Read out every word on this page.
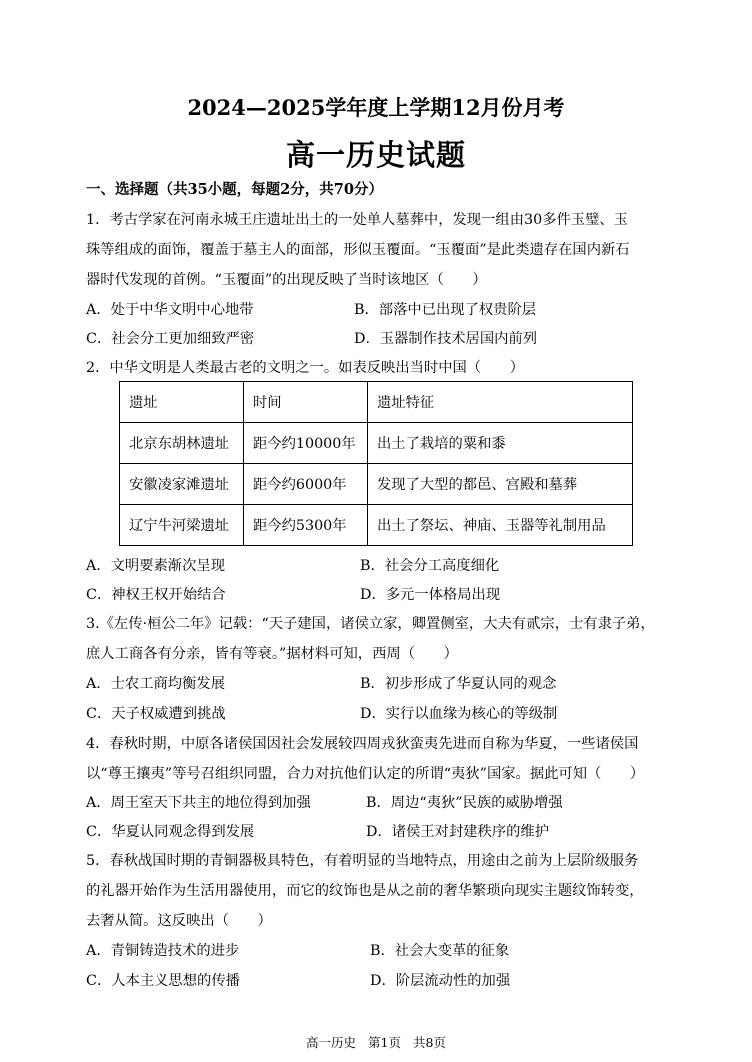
2024—2025学年度上学期12月份月考
高一历史试题
一、选择题（共35小题，每题2分，共70分）
1．考古学家在河南永城王庄遗址出土的一处单人墓葬中，发现一组由30多件玉璧、玉
珠等组成的面饰，覆盖于墓主人的面部，形似玉覆面。“玉覆面”是此类遗存在国内新石
器时代发现的首例。“玉覆面”的出现反映了当时该地区（　　）
A．处于中华文明中心地带	B．部落中已出现了权贵阶层
C．社会分工更加细致严密	D．玉器制作技术居国内前列
2．中华文明是人类最古老的文明之一。如表反映出当时中国（　　）
遗址	时间	遗址特征
北京东胡林遗址	距今约10000年	出土了栽培的粟和黍
安徽凌家滩遗址	距今约6000年	发现了大型的都邑、宫殿和墓葬
辽宁牛河梁遗址	距今约5300年	出土了祭坛、神庙、玉器等礼制用品
A．文明要素渐次呈现	B．社会分工高度细化
C．神权王权开始结合	D．多元一体格局出现
3.《左传·桓公二年》记载：“天子建国，诸侯立家，卿置侧室，大夫有贰宗，士有隶子弟，
庶人工商各有分亲，皆有等衰。”据材料可知，西周（　　）
A．士农工商均衡发展	B．初步形成了华夏认同的观念
C．天子权威遭到挑战	D．实行以血缘为核心的等级制
4．春秋时期，中原各诸侯国因社会发展较四周戎狄蛮夷先进而自称为华夏，一些诸侯国
以“尊王攘夷”等号召组织同盟，合力对抗他们认定的所谓“夷狄”国家。据此可知（　　）
A．周王室天下共主的地位得到加强	B．周边“夷狄”民族的威胁增强
C．华夏认同观念得到发展	D．诸侯王对封建秩序的维护
5．春秋战国时期的青铜器极具特色，有着明显的当地特点，用途由之前为上层阶级服务
的礼器开始作为生活用器使用，而它的纹饰也是从之前的奢华繁琐向现实主题纹饰转变，
去奢从简。这反映出（　　）
A．青铜铸造技术的进步	B．社会大变革的征象
C．人本主义思想的传播	D．阶层流动性的加强
高一历史 第1页 共8页
